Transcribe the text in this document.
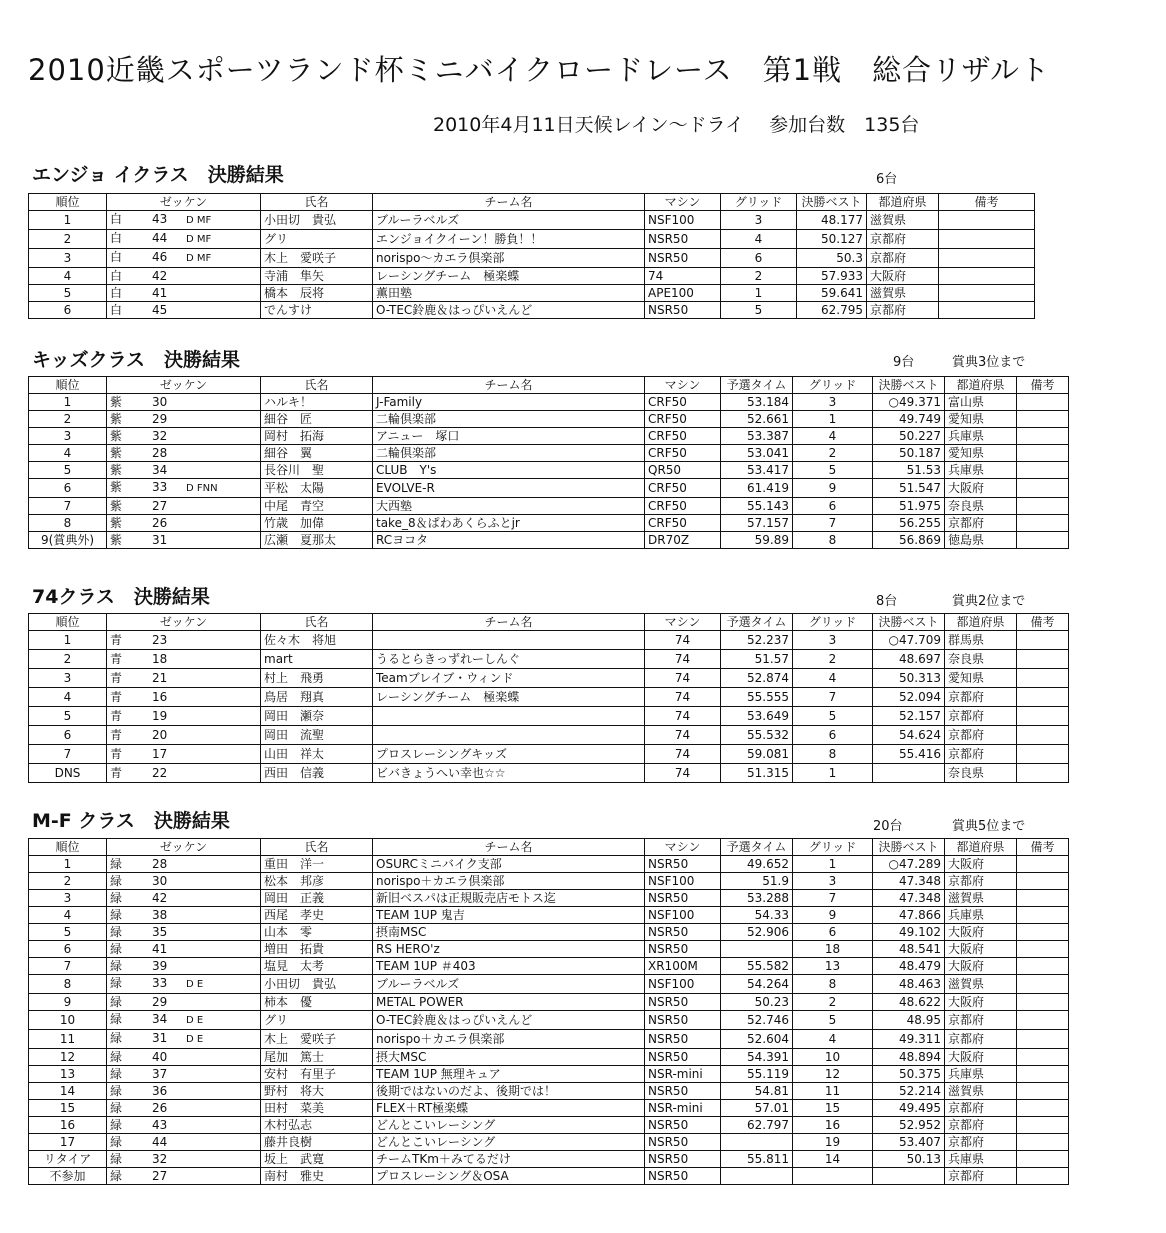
2010近畿スポーツランド杯ミニバイクロードレース　第1戦　総合リザルト
2010年4月11日天候レイン～ドライ　 参加台数　135台
エンジョ イクラス　決勝結果	6台
順位	ゼッケン	氏名	チーム名	マシン	グリッド	決勝ベスト	都道府県	備考
1	白 43 D MF	小田切　貴弘	ブルーラベルズ	NSF100	3	48.177	滋賀県	
2	白 44 D MF	グリ	エンジョイクイーン！勝負！！	NSR50	4	50.127	京都府	
3	白 46 D MF	木上　愛咲子	norispo～カエラ倶楽部	NSR50	6	50.3	京都府	
4	白 42	寺浦　隼矢	レーシングチーム　極楽蝶	74	2	57.933	大阪府	
5	白 41	橋本　辰将	薫田塾	APE100	1	59.641	滋賀県	
6	白 45	でんすけ	O-TEC鈴鹿＆はっぴいえんど	NSR50	5	62.795	京都府	
キッズクラス　決勝結果	9台	賞典3位まで
順位	ゼッケン	氏名	チーム名	マシン	予選タイム	グリッド	決勝ベスト	都道府県	備考
1	紫 30	ハルキ！	J-Family	CRF50	53.184	3	○49.371	富山県	
2	紫 29	細谷　匠	二輪倶楽部	CRF50	52.661	1	49.749	愛知県	
3	紫 32	岡村　拓海	アニュー　塚口	CRF50	53.387	4	50.227	兵庫県	
4	紫 28	細谷　翼	二輪倶楽部	CRF50	53.041	2	50.187	愛知県	
5	紫 34	長谷川　聖	CLUB　Y's	QR50	53.417	5	51.53	兵庫県	
6	紫 33 D FNN	平松　太陽	EVOLVE-R	CRF50	61.419	9	51.547	大阪府	
7	紫 27	中尾　青空	大西塾	CRF50	55.143	6	51.975	奈良県	
8	紫 26	竹歳　加偉	take_8＆ぱわあくらふとjr	CRF50	57.157	7	56.255	京都府	
9(賞典外)	紫 31	広瀬　夏那太	RCヨコタ	DR70Z	59.89	8	56.869	徳島県	
74クラス　決勝結果	8台	賞典2位まで
順位	ゼッケン	氏名	チーム名	マシン	予選タイム	グリッド	決勝ベスト	都道府県	備考
1	青 23	佐々木　将旭		74	52.237	3	○47.709	群馬県	
2	青 18	mart	うるとらきっずれーしんぐ	74	51.57	2	48.697	奈良県	
3	青 21	村上　飛勇	Teamブレイブ・ウィンド	74	52.874	4	50.313	愛知県	
4	青 16	鳥居　翔真	レーシングチーム　極楽蝶	74	55.555	7	52.094	京都府	
5	青 19	岡田　瀬奈		74	53.649	5	52.157	京都府	
6	青 20	岡田　流聖		74	55.532	6	54.624	京都府	
7	青 17	山田　祥太	プロスレーシングキッズ	74	59.081	8	55.416	京都府	
DNS	青 22	西田　信義	ビバきょうへい幸也☆☆	74	51.315	1		奈良県	
M-F クラス　決勝結果	20台	賞典5位まで
順位	ゼッケン	氏名	チーム名	マシン	予選タイム	グリッド	決勝ベスト	都道府県	備考
1	緑 28	重田　洋一	OSURCミニバイク支部	NSR50	49.652	1	○47.289	大阪府	
2	緑 30	松本　邦彦	norispo＋カエラ倶楽部	NSF100	51.9	3	47.348	京都府	
3	緑 42	岡田　正義	新旧ベスパは正規販売店モトス迄	NSR50	53.288	7	47.348	滋賀県	
4	緑 38	西尾　孝史	TEAM 1UP 鬼吉	NSF100	54.33	9	47.866	兵庫県	
5	緑 35	山本　零	摂南MSC	NSR50	52.906	6	49.102	大阪府	
6	緑 41	増田　拓貴	RS HERO'z	NSR50		18	48.541	大阪府	
7	緑 39	塩見　太考	TEAM 1UP ＃403	XR100M	55.582	13	48.479	大阪府	
8	緑 33 D E	小田切　貴弘	ブルーラベルズ	NSF100	54.264	8	48.463	滋賀県	
9	緑 29	柿本　優	METAL POWER	NSR50	50.23	2	48.622	大阪府	
10	緑 34 D E	グリ	O-TEC鈴鹿＆はっぴいえんど	NSR50	52.746	5	48.95	京都府	
11	緑 31 D E	木上　愛咲子	norispo＋カエラ倶楽部	NSR50	52.604	4	49.311	京都府	
12	緑 40	尾加　篤士	摂大MSC	NSR50	54.391	10	48.894	大阪府	
13	緑 37	安村　有里子	TEAM 1UP 無理キュア	NSR-mini	55.119	12	50.375	兵庫県	
14	緑 36	野村　将大	後期ではないのだよ、後期では！	NSR50	54.81	11	52.214	滋賀県	
15	緑 26	田村　菜美	FLEX＋RT極楽蝶	NSR-mini	57.01	15	49.495	京都府	
16	緑 43	木村弘志	どんとこいレーシング	NSR50	62.797	16	52.952	京都府	
17	緑 44	藤井良樹	どんとこいレーシング	NSR50		19	53.407	京都府	
リタイア	緑 32	坂上　武寛	チームTKm＋みてるだけ	NSR50	55.811	14	50.13	兵庫県	
不参加	緑 27	南村　雅史	プロスレーシング＆OSA	NSR50				京都府	
